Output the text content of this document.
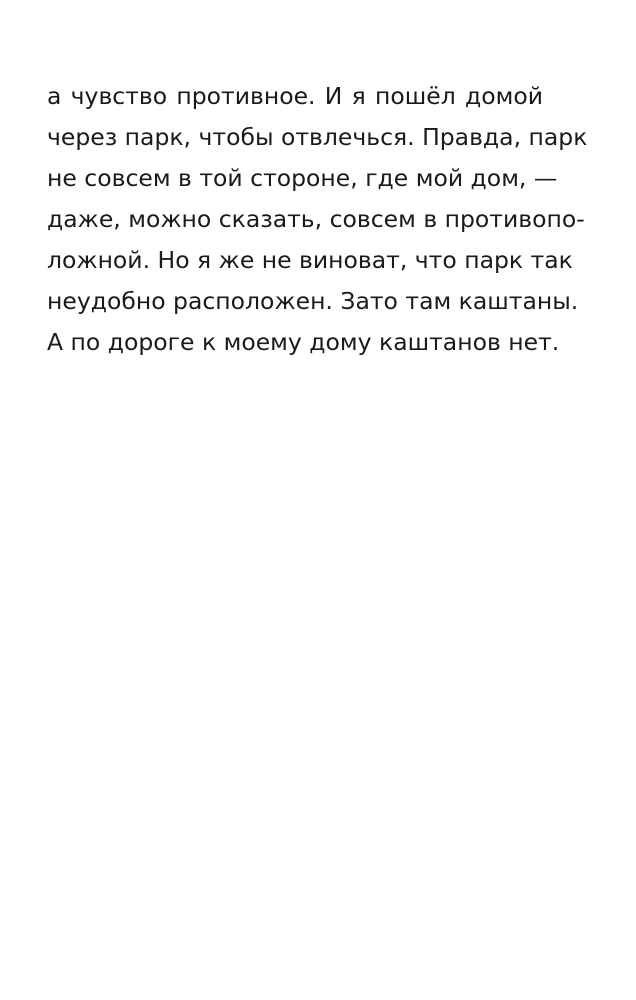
а чувство противное. И я пошёл домой
через парк, чтобы отвлечься. Правда, парк
не совсем в той стороне, где мой дом, —
даже, можно сказать, совсем в противопо-
ложной. Но я же не виноват, что парк так
неудобно расположен. Зато там каштаны.
А по дороге к моему дому каштанов нет.
